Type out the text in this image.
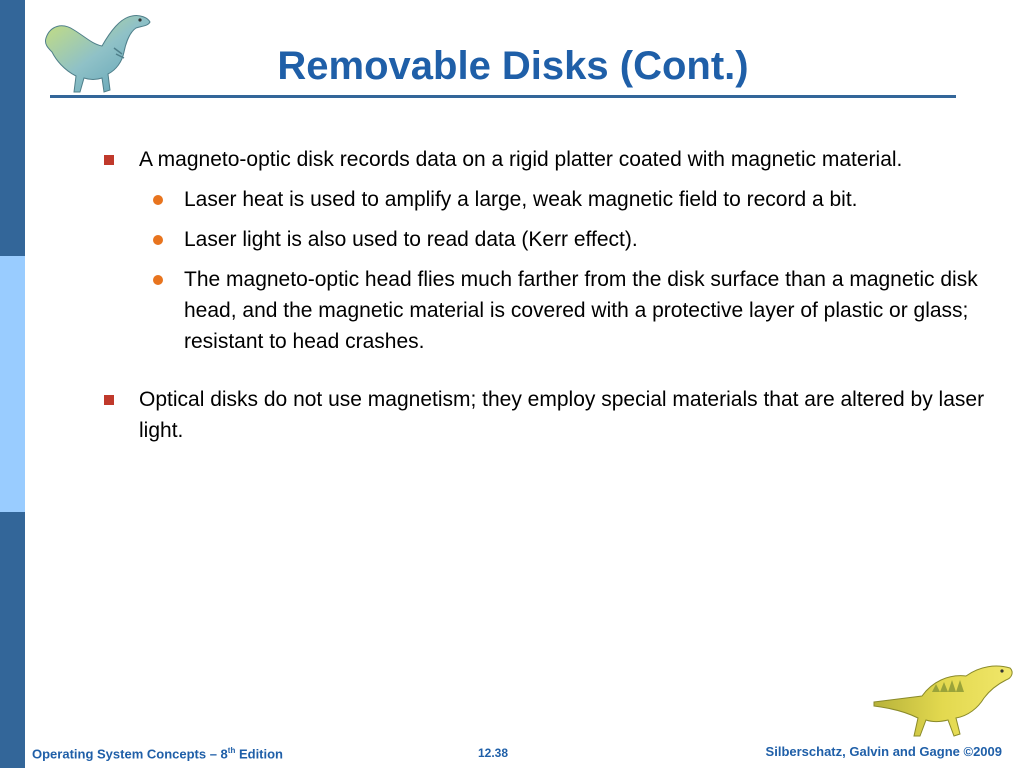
Removable Disks (Cont.)
A magneto-optic disk records data on a rigid platter coated with magnetic material.
Laser heat is used to amplify a large, weak magnetic field to record a bit.
Laser light is also used to read data (Kerr effect).
The magneto-optic head flies much farther from the disk surface than a magnetic disk head, and the magnetic material is covered with a protective layer of plastic or glass; resistant to head crashes.
Optical disks do not use magnetism; they employ special materials that are altered by laser light.
Operating System Concepts – 8th Edition	12.38	Silberschatz, Galvin and Gagne ©2009
